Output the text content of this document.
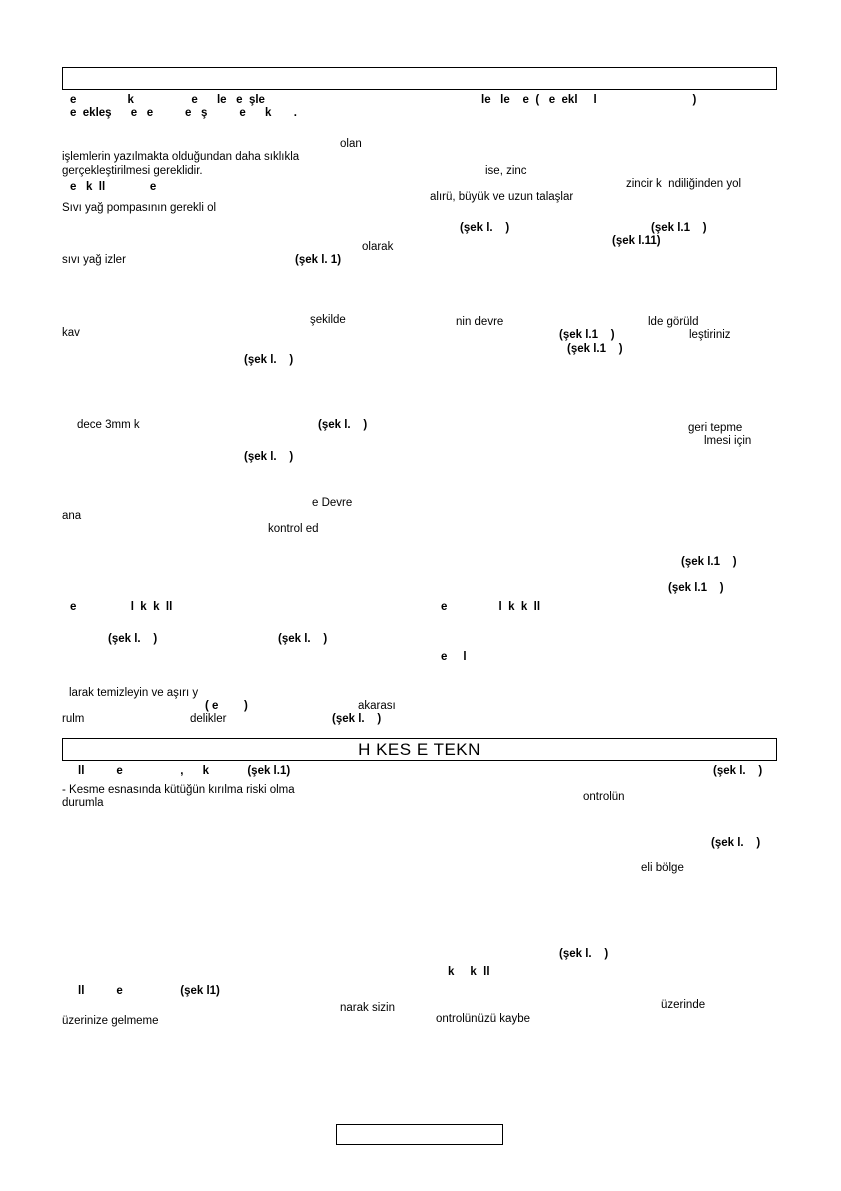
H KES E TEKN
e                k                  e      le   e  şle
e  ekleş      e   e          e   ş          e      k       .
olan
işlemlerin yazılmakta olduğundan daha sıklıkla
gerçekleştirilmesi gereklidir.
e   k  ll              e
Sıvı yağ pompasının gerekli ol
olarak
sıvı yağ izler	(şek l. 1)
şekilde
kav
(şek l.    )
dece 3mm k	(şek l.    )
(şek l.    )
e Devre
ana
kontrol ed
e                 l  k  k  ll
(şek l.    )	(şek l.    )
larak temizleyin ve aşırı y
( e        )	akarası
rulm	delikler	(şek l.    )
le   le    e  (   e  ekl     l                              )
ise, zinc
zincir k  ndiliğinden yol
alırü, büyük ve uzun talaşlar
(şek l.    )	(şek l.1    )
(şek l.11)
nin devre	lde görüld
(şek l.1    )	leştiriniz
(şek l.1    )
geri tepme
lmesi için
(şek l.1    )
(şek l.1    )
e                l  k  k  ll
e     l
ll          e                  ,      k            (şek l.1)
- Kesme esnasında kütüğün kırılma riski olma
durumla
ll          e                  (şek l1)
narak sizin
üzerinize gelmeme
(şek l.    )
ontrolün
(şek l.    )
eli bölge
(şek l.    )
k     k  ll
üzerinde
ontrolünüzü kaybe
